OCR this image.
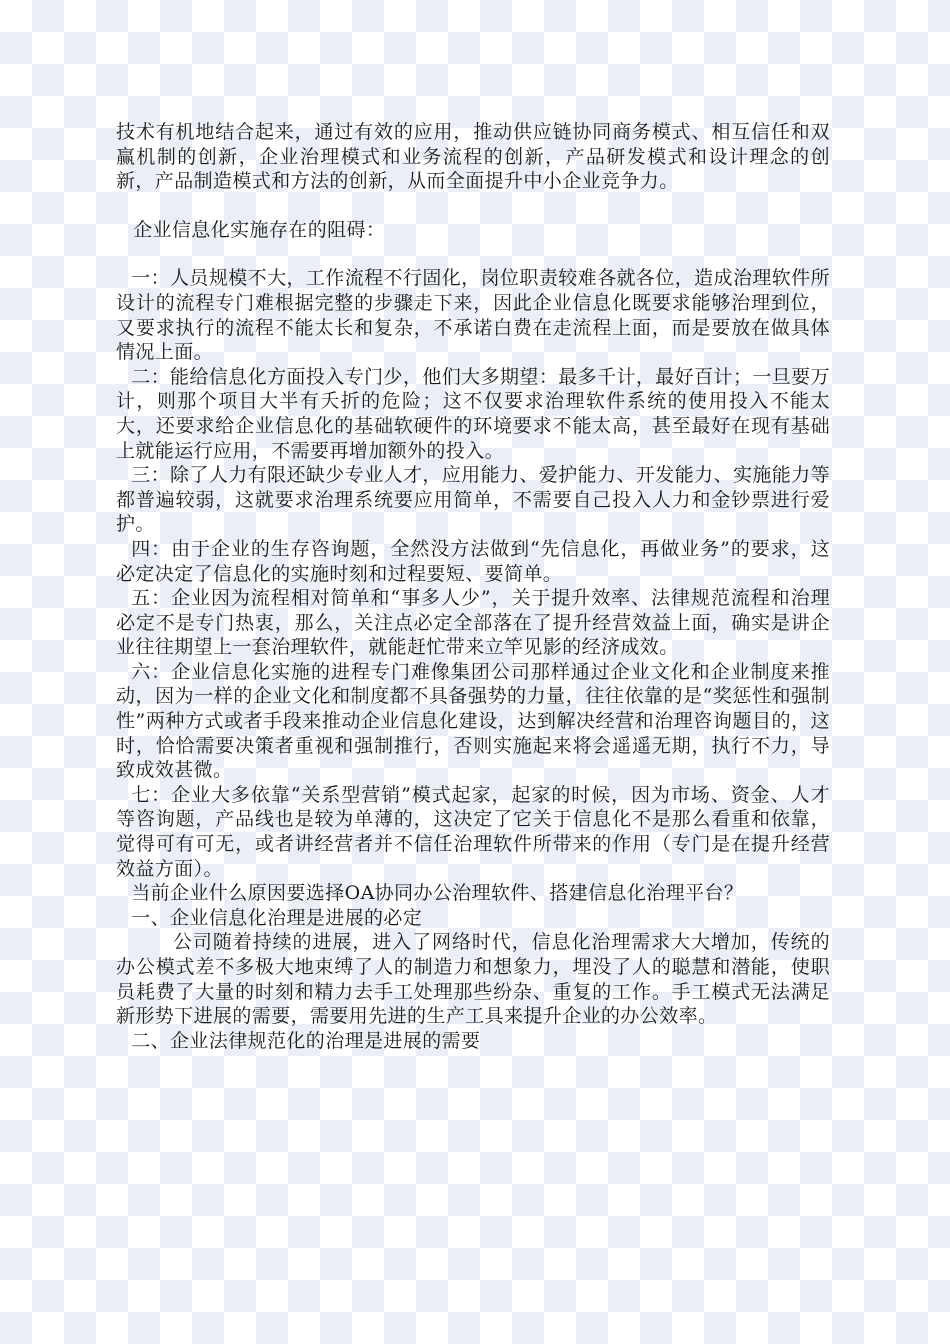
技术有机地结合起来，通过有效的应用，推动供应链协同商务模式、相互信任和双赢机制的创新，企业治理模式和业务流程的创新，产品研发模式和设计理念的创新，产品制造模式和方法的创新，从而全面提升中小企业竞争力。

企业信息化实施存在的阻碍：

一：人员规模不大，工作流程不行固化，岗位职责较难各就各位，造成治理软件所设计的流程专门难根据完整的步骤走下来，因此企业信息化既要求能够治理到位，又要求执行的流程不能太长和复杂，不承诺白费在走流程上面，而是要放在做具体情况上面。

二：能给信息化方面投入专门少，他们大多期望：最多千计，最好百计；一旦要万计，则那个项目大半有夭折的危险；这不仅要求治理软件系统的使用投入不能太大，还要求给企业信息化的基础软硬件的环境要求不能太高，甚至最好在现有基础上就能运行应用，不需要再增加额外的投入。

三：除了人力有限还缺少专业人才，应用能力、爱护能力、开发能力、实施能力等都普遍较弱，这就要求治理系统要应用简单，不需要自己投入人力和金钞票进行爱护。

四：由于企业的生存咨询题，全然没方法做到“先信息化，再做业务”的要求，这必定决定了信息化的实施时刻和过程要短、要简单。

五：企业因为流程相对简单和“事多人少”，关于提升效率、法律规范流程和治理必定不是专门热衷，那么，关注点必定全部落在了提升经营效益上面，确实是讲企业往往期望上一套治理软件，就能赶忙带来立竿见影的经济成效。

六：企业信息化实施的进程专门难像集团公司那样通过企业文化和企业制度来推动，因为一样的企业文化和制度都不具备强势的力量，往往依靠的是“奖惩性和强制性”两种方式或者手段来推动企业信息化建设，达到解决经营和治理咨询题目的，这时，恰恰需要决策者重视和强制推行，否则实施起来将会遥遥无期，执行不力，导致成效甚微。

七：企业大多依靠“关系型营销”模式起家，起家的时候，因为市场、资金、人才等咨询题，产品线也是较为单薄的，这决定了它关于信息化不是那么看重和依靠，觉得可有可无，或者讲经营者并不信任治理软件所带来的作用（专门是在提升经营效益方面）。

当前企业什么原因要选择OA协同办公治理软件、搭建信息化治理平台？

一、企业信息化治理是进展的必定

公司随着持续的进展，进入了网络时代，信息化治理需求大大增加，传统的办公模式差不多极大地束缚了人的制造力和想象力，埋没了人的聪慧和潜能，使职员耗费了大量的时刻和精力去手工处理那些纷杂、重复的工作。手工模式无法满足新形势下进展的需要，需要用先进的生产工具来提升企业的办公效率。

二、企业法律规范化的治理是进展的需要
